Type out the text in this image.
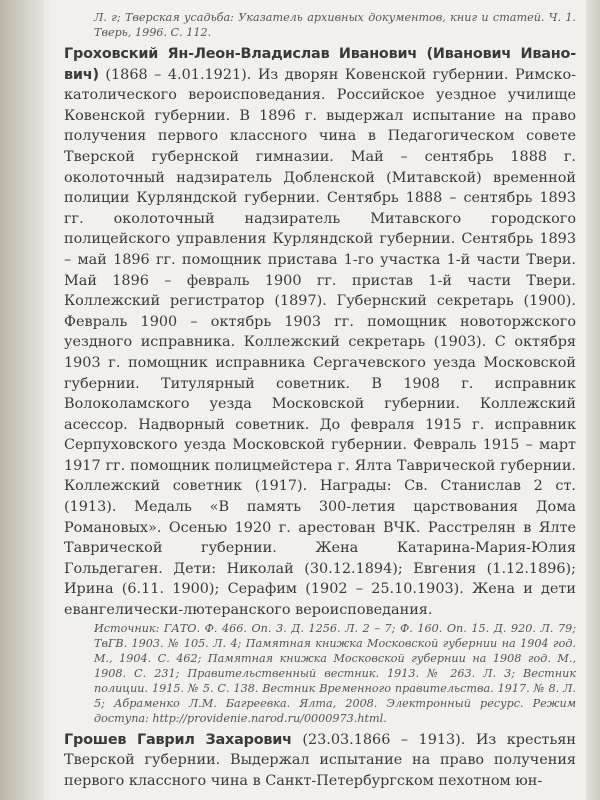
Л. г; Тверская усадьба: Указатель архивных документов, книг и статей. Ч. 1. Тверь, 1996. С. 112.

Гроховский Ян-Леон-Владислав Иванович (Иванович Ивано-вич) (1868 – 4.01.1921). Из дворян Ковенской губернии. Римско-католического вероисповедания. Российское уездное училище Ковенской губернии. В 1896 г. выдержал испытание на право получения первого классного чина в Педагогическом совете Тверской губернской гимназии. Май – сентябрь 1888 г. околоточный надзиратель Добленской (Митавской) временной полиции Курляндской губернии. Сентябрь 1888 – сентябрь 1893 гг. околоточный надзиратель Митавского городского полицейского управления Курляндской губернии. Сентябрь 1893 – май 1896 гг. помощник пристава 1-го участка 1-й части Твери. Май 1896 – февраль 1900 гг. пристав 1-й части Твери. Коллежский регистратор (1897). Губернский секретарь (1900). Февраль 1900 – октябрь 1903 гг. помощник новоторжского уездного исправника. Коллежский секретарь (1903). С октября 1903 г. помощник исправника Сергачевского уезда Московской губернии. Титулярный советник. В 1908 г. исправник Волоколамского уезда Московской губернии. Коллежский асессор. Надворный советник. До февраля 1915 г. исправник Серпуховского уезда Московской губернии. Февраль 1915 – март 1917 гг. помощник полицмейстера г. Ялта Таврической губернии. Коллежский советник (1917). Награды: Св. Станислав 2 ст. (1913). Медаль «В память 300-летия царствования Дома Романовых». Осенью 1920 г. арестован ВЧК. Расстрелян в Ялте Таврической губернии. Жена Катарина-Мария-Юлия Гольдегаген. Дети: Николай (30.12.1894); Евгения (1.12.1896); Ирина (6.11. 1900); Серафим (1902 – 25.10.1903). Жена и дети евангелически-лютеранского вероисповедания.

Источник: ГАТО. Ф. 466. Оп. 3. Д. 1256. Л. 2 – 7; Ф. 160. Оп. 15. Д. 920. Л. 79; ТвГВ. 1903. № 105. Л. 4; Памятная книжка Московской губернии на 1904 год. М., 1904. С. 462; Памятная книжка Московской губернии на 1908 год. М., 1908. С. 231; Правительственный вестник. 1913. № 263. Л. 3; Вестник полиции. 1915. № 5. С. 138. Вестник Временного правительства. 1917. № 8. Л. 5; Абраменко Л.М. Багреевка. Ялта, 2008. Электронный ресурс. Режим доступа: http://providenie.narod.ru/0000973.html.

Грошев Гаврил Захарович (23.03.1866 – 1913). Из крестьян Тверской губернии. Выдержал испытание на право получения первого классного чина в Санкт-Петербургском пехотном юн-
